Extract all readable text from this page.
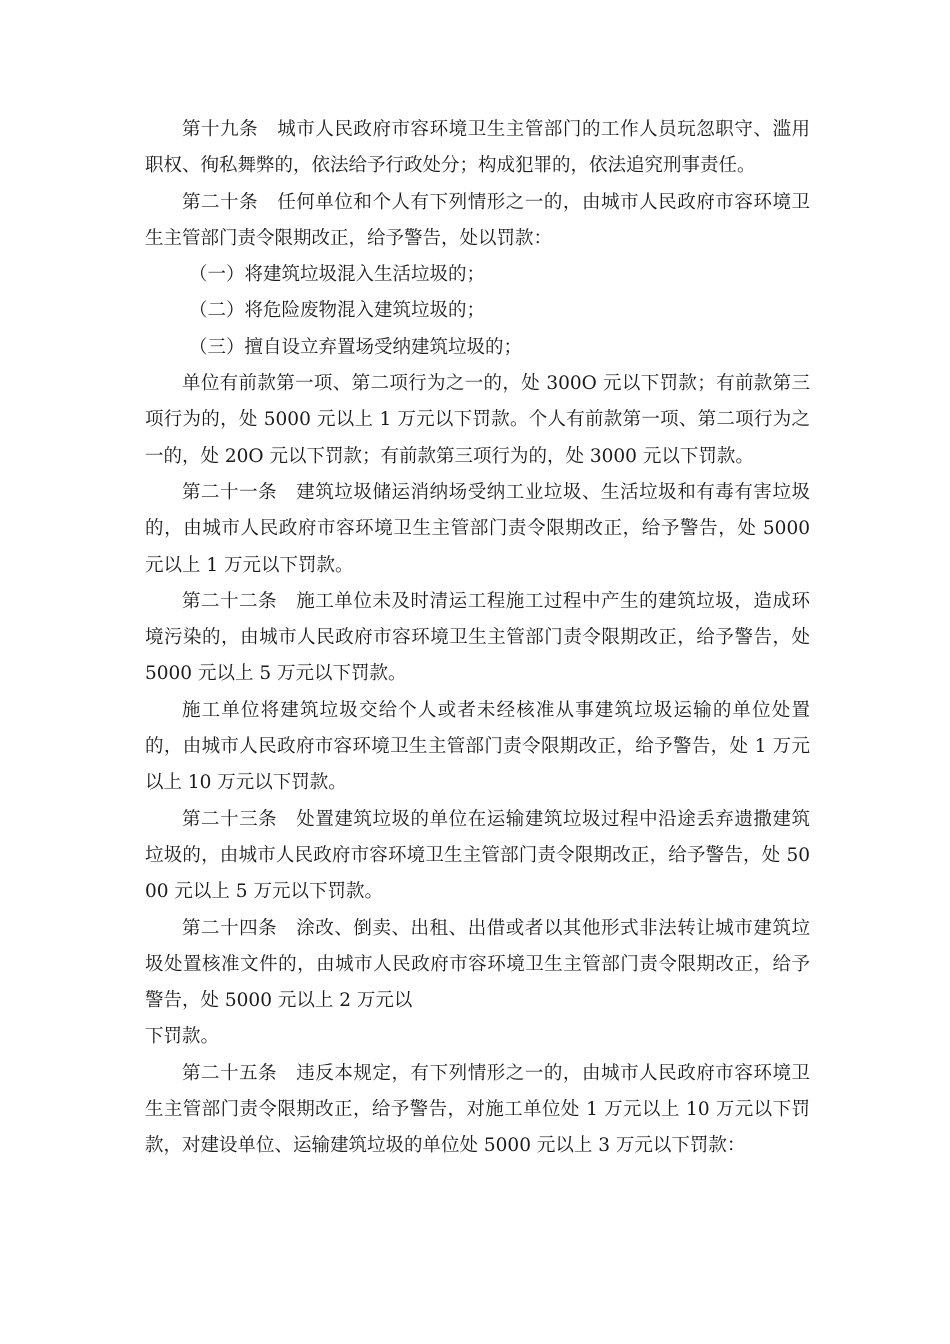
第十九条　城市人民政府市容环境卫生主管部门的工作人员玩忽职守、滥用职权、徇私舞弊的，依法给予行政处分；构成犯罪的，依法追究刑事责任。

第二十条　任何单位和个人有下列情形之一的，由城市人民政府市容环境卫生主管部门责令限期改正，给予警告，处以罚款：

（一）将建筑垃圾混入生活垃圾的；

（二）将危险废物混入建筑垃圾的；

（三）擅自设立弃置场受纳建筑垃圾的；

单位有前款第一项、第二项行为之一的，处 300O 元以下罚款；有前款第三项行为的，处 5000 元以上 1 万元以下罚款。个人有前款第一项、第二项行为之一的，处 20O 元以下罚款；有前款第三项行为的，处 3000 元以下罚款。

第二十一条　建筑垃圾储运消纳场受纳工业垃圾、生活垃圾和有毒有害垃圾的，由城市人民政府市容环境卫生主管部门责令限期改正，给予警告，处 5000 元以上 1 万元以下罚款。

第二十二条　施工单位未及时清运工程施工过程中产生的建筑垃圾，造成环境污染的，由城市人民政府市容环境卫生主管部门责令限期改正，给予警告，处 5000 元以上 5 万元以下罚款。

施工单位将建筑垃圾交给个人或者未经核准从事建筑垃圾运输的单位处置的，由城市人民政府市容环境卫生主管部门责令限期改正，给予警告，处 1 万元以上 10 万元以下罚款。

第二十三条　处置建筑垃圾的单位在运输建筑垃圾过程中沿途丢弃遗撒建筑垃圾的，由城市人民政府市容环境卫生主管部门责令限期改正，给予警告，处 5000 元以上 5 万元以下罚款。

第二十四条　涂改、倒卖、出租、出借或者以其他形式非法转让城市建筑垃圾处置核准文件的，由城市人民政府市容环境卫生主管部门责令限期改正，给予警告，处 5000 元以上 2 万元以

下罚款。

第二十五条　违反本规定，有下列情形之一的，由城市人民政府市容环境卫生主管部门责令限期改正，给予警告，对施工单位处 1 万元以上 10 万元以下罚款，对建设单位、运输建筑垃圾的单位处 5000 元以上 3 万元以下罚款：
